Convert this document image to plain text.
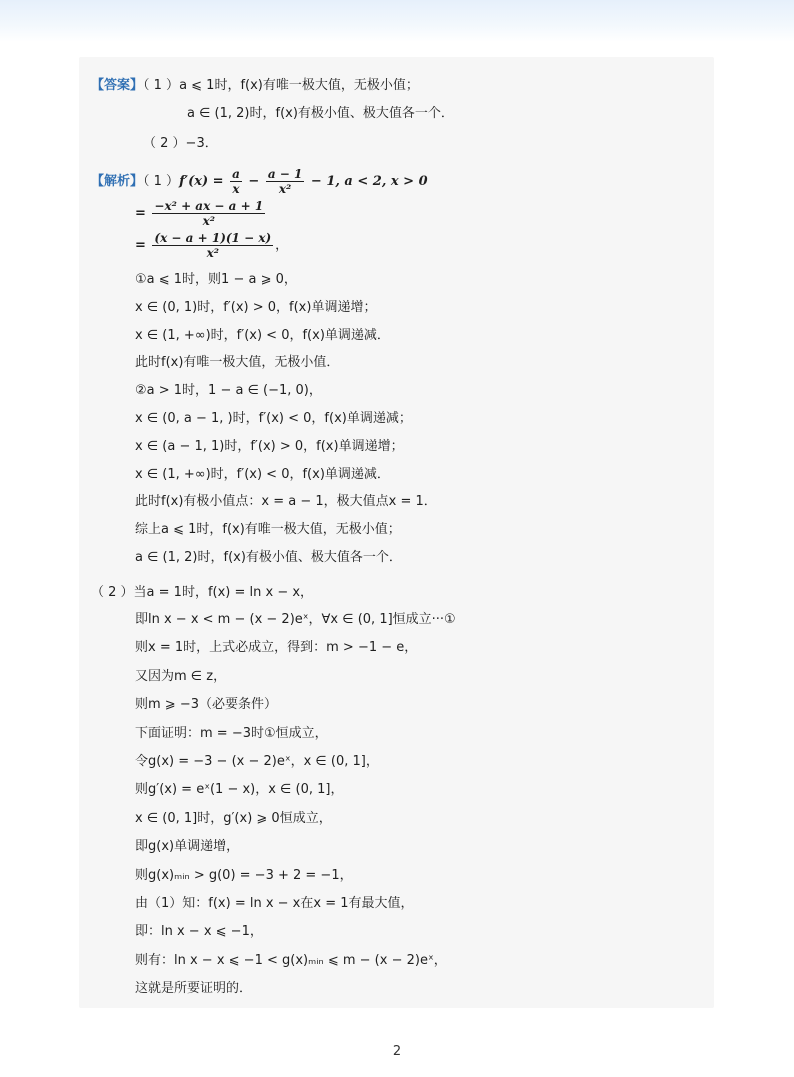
【答案】（ 1 ）a ⩽ 1时，f(x)有唯一极大值，无极小值；
a ∈ (1, 2)时，f(x)有极小值、极大值各一个．
（ 2 ）−3．
【解析】（ 1 ）$f'(x) = \frac{a}{x} - \frac{a - 1}{\text{x²}} - 1$, a < 2, x > 0
= $\frac{\text{−x² + ax − a + 1}}{\text{x²}}$
= $\frac{(x - a + 1)(1 - x)}{\text{x²}}$ ，
①a ⩽ 1时，则1 − a ⩾ 0，
x ∈ (0, 1)时，f′(x) > 0，f(x)单调递增；
x ∈ (1, +∞)时，f′(x) < 0，f(x)单调递减．
此时f(x)有唯一极大值，无极小值．
②a > 1时，1 − a ∈ (−1, 0)，
x ∈ (0, a − 1, )时，f′(x) < 0，f(x)单调递减；
x ∈ (a − 1, 1)时，f′(x) > 0，f(x)单调递增；
x ∈ (1, +∞)时，f′(x) < 0，f(x)单调递减．
此时f(x)有极小值点：x = a − 1，极大值点x = 1．
综上a ⩽ 1时，f(x)有唯一极大值，无极小值；
a ∈ (1, 2)时，f(x)有极小值、极大值各一个．
（ 2 ）当a = 1时，f(x) = ln x − x，
即ln x − x < m − (x − 2)eˣ，∀x ∈ (0, 1]恒成立···①
则x = 1时，上式必成立，得到：m > −1 − e，
又因为m ∈ z，
则m ⩾ −3（必要条件）
下面证明：m = −3时①恒成立，
令g(x) = −3 − (x − 2)eˣ，x ∈ (0, 1]，
则g′(x) = eˣ(1 − x)，x ∈ (0, 1]，
x ∈ (0, 1]时，g′(x) ⩾ 0恒成立，
即g(x)单调递增，
则g(x)ₘᵢₙ > g(0) = −3 + 2 = −1，
由（1）知：f(x) = ln x − x在x = 1有最大值，
即：ln x − x ⩽ −1，
则有：ln x − x ⩽ −1 < g(x)ₘᵢₙ ⩽ m − (x − 2)eˣ，
这就是所要证明的．
2
